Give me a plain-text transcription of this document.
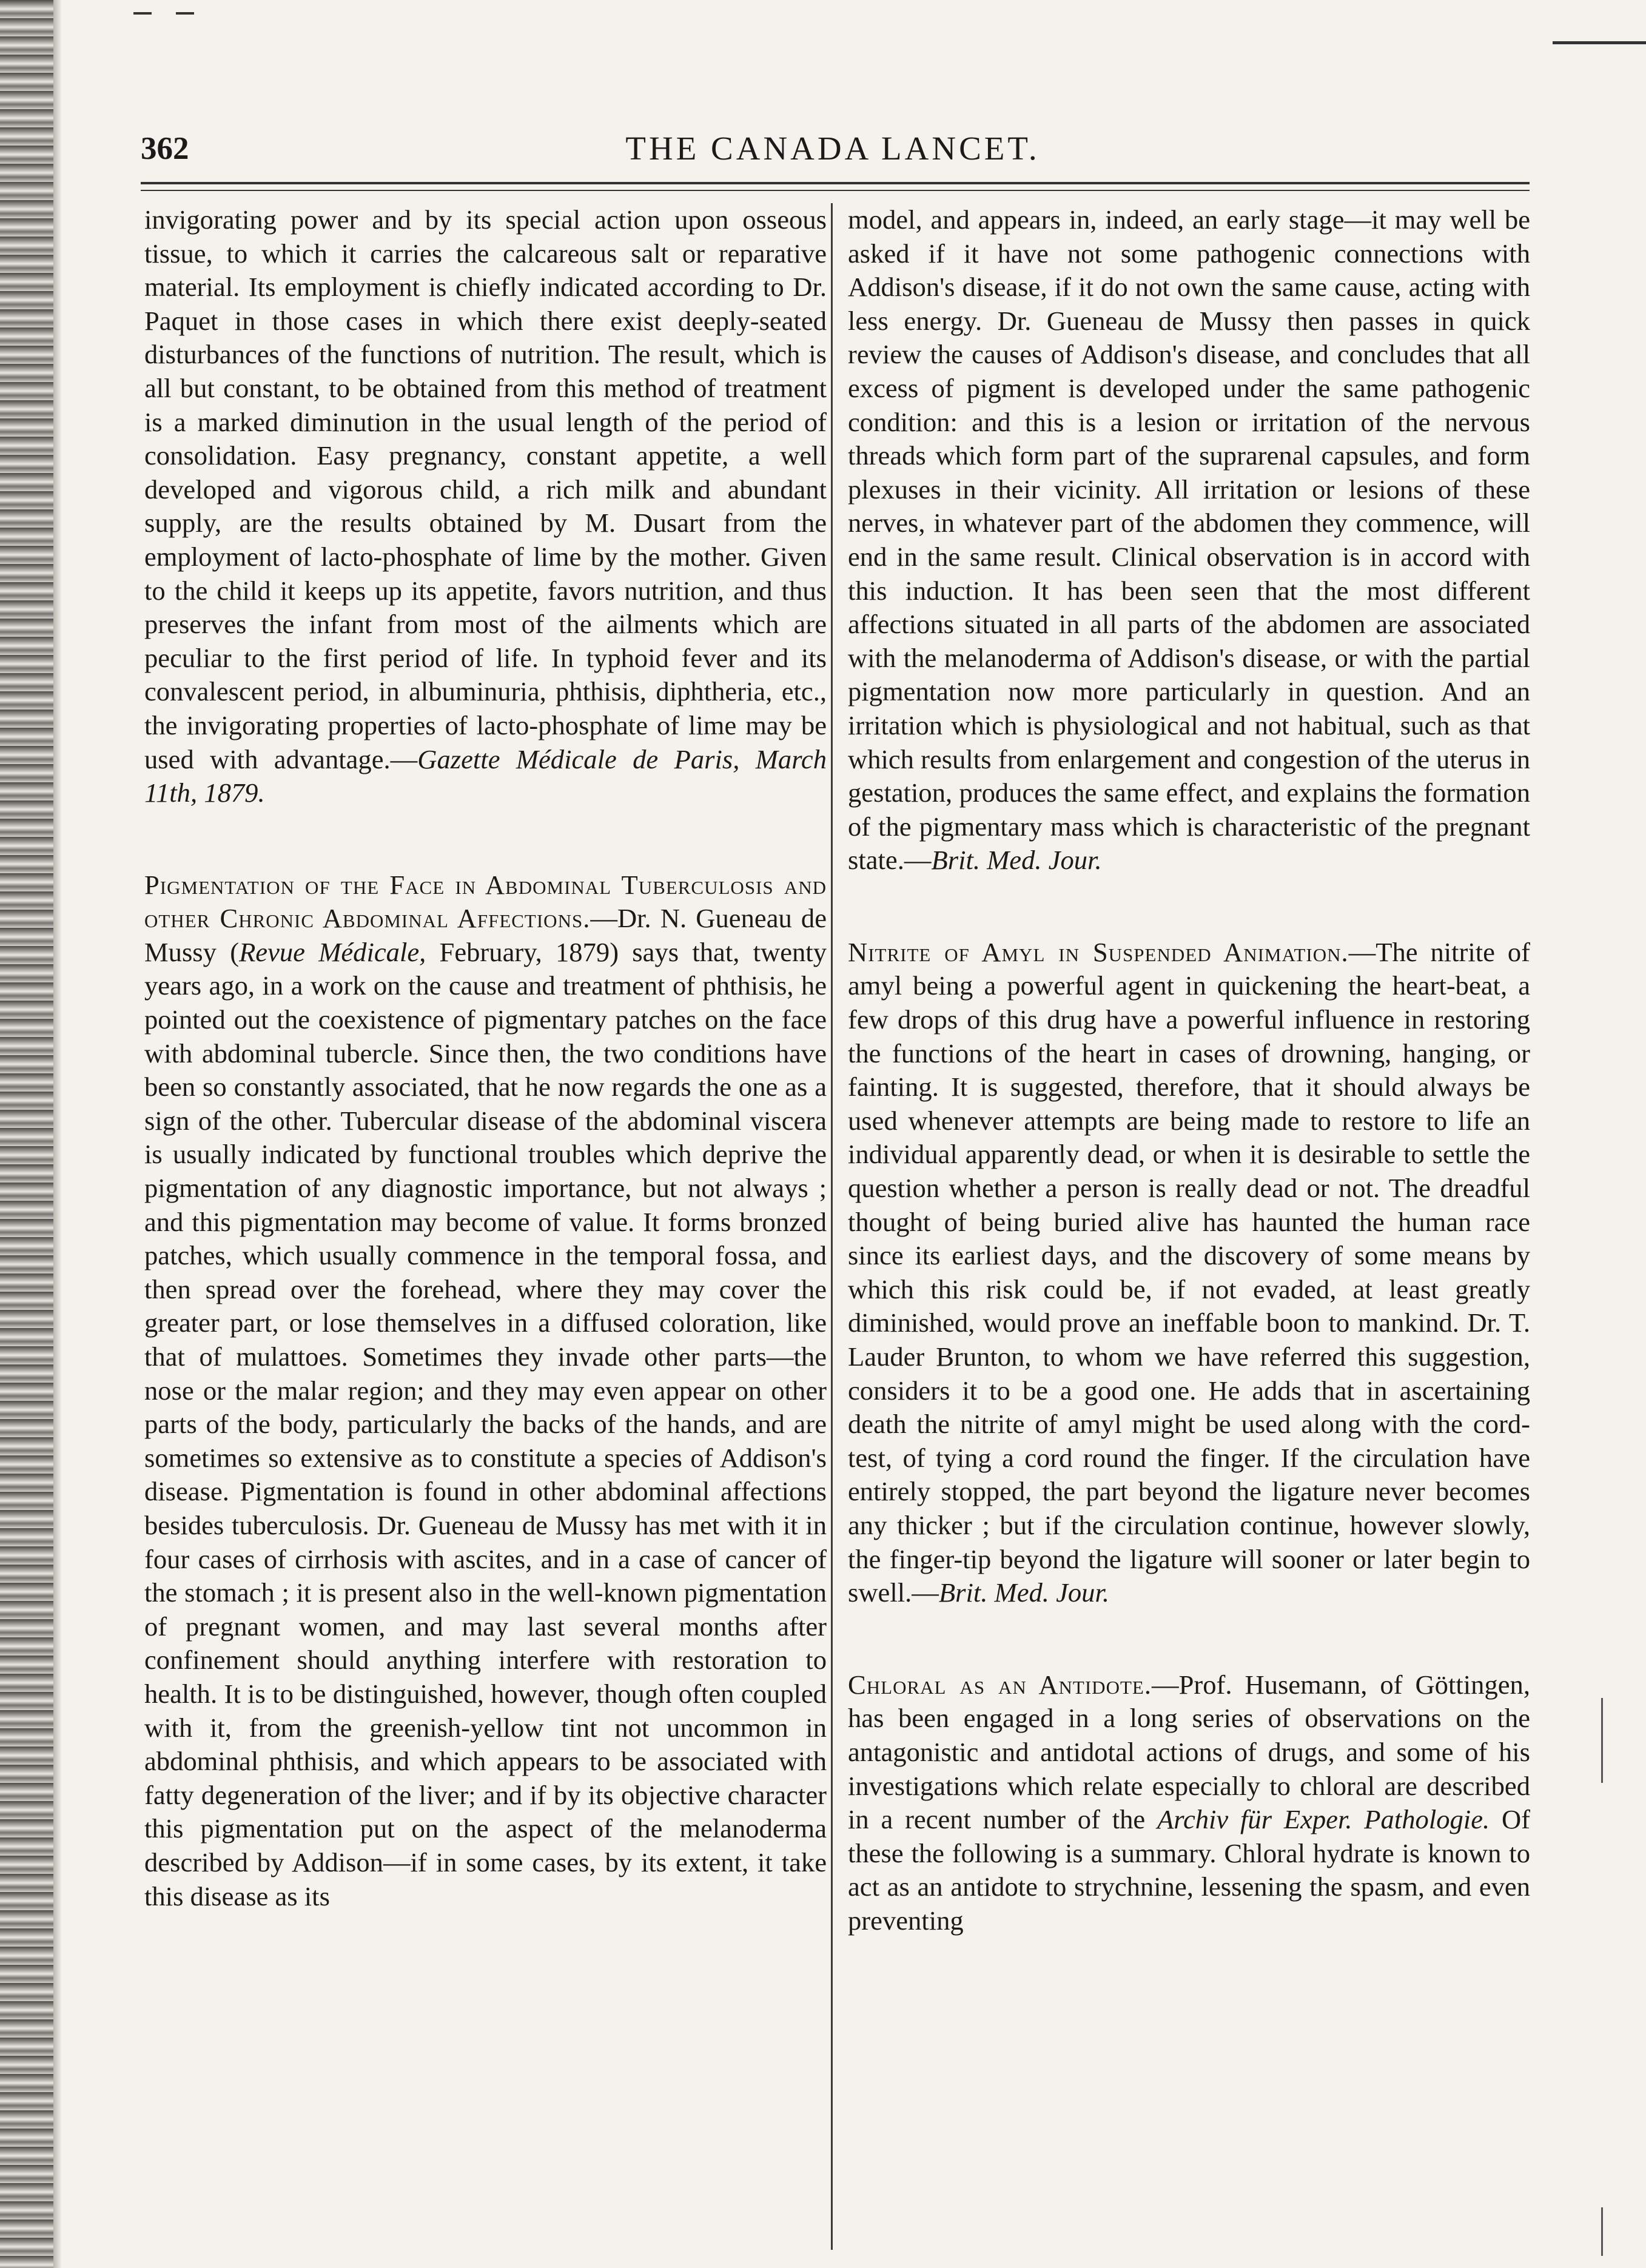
362	THE CANADA LANCET.

invigorating power and by its special action upon osseous tissue, to which it carries the calcareous salt or reparative material. Its employment is chiefly indicated according to Dr. Paquet in those cases in which there exist deeply-seated disturbances of the functions of nutrition. The result, which is all but constant, to be obtained from this method of treatment is a marked diminution in the usual length of the period of consolidation. Easy pregnancy, constant appetite, a well developed and vigorous child, a rich milk and abundant supply, are the results obtained by M. Dusart from the employment of lacto-phosphate of lime by the mother. Given to the child it keeps up its appetite, favors nutrition, and thus preserves the infant from most of the ailments which are peculiar to the first period of life. In typhoid fever and its convalescent period, in albuminuria, phthisis, diphtheria, etc., the invigorating properties of lacto-phosphate of lime may be used with advantage.—Gazette Médicale de Paris, March 11th, 1879.

Pigmentation of the Face in Abdominal Tuberculosis and other Chronic Abdominal Affections.—Dr. N. Gueneau de Mussy (Revue Médicale, February, 1879) says that, twenty years ago, in a work on the cause and treatment of phthisis, he pointed out the coexistence of pigmentary patches on the face with abdominal tubercle. Since then, the two conditions have been so constantly associated, that he now regards the one as a sign of the other. Tubercular disease of the abdominal viscera is usually indicated by functional troubles which deprive the pigmentation of any diagnostic importance, but not always ; and this pigmentation may become of value. It forms bronzed patches, which usually commence in the temporal fossa, and then spread over the forehead, where they may cover the greater part, or lose themselves in a diffused coloration, like that of mulattoes. Sometimes they invade other parts—the nose or the malar region; and they may even appear on other parts of the body, particularly the backs of the hands, and are sometimes so extensive as to constitute a species of Addison's disease. Pigmentation is found in other abdominal affections besides tuberculosis. Dr. Gueneau de Mussy has met with it in four cases of cirrhosis with ascites, and in a case of cancer of the stomach ; it is present also in the well-known pigmentation of pregnant women, and may last several months after confinement should anything interfere with restoration to health. It is to be distinguished, however, though often coupled with it, from the greenish-yellow tint not uncommon in abdominal phthisis, and which appears to be associated with fatty degeneration of the liver; and if by its objective character this pigmentation put on the aspect of the melanoderma described by Addison—if in some cases, by its extent, it take this disease as its

model, and appears in, indeed, an early stage—it may well be asked if it have not some pathogenic connections with Addison's disease, if it do not own the same cause, acting with less energy. Dr. Gueneau de Mussy then passes in quick review the causes of Addison's disease, and concludes that all excess of pigment is developed under the same pathogenic condition: and this is a lesion or irritation of the nervous threads which form part of the suprarenal capsules, and form plexuses in their vicinity. All irritation or lesions of these nerves, in whatever part of the abdomen they commence, will end in the same result. Clinical observation is in accord with this induction. It has been seen that the most different affections situated in all parts of the abdomen are associated with the melanoderma of Addison's disease, or with the partial pigmentation now more particularly in question. And an irritation which is physiological and not habitual, such as that which results from enlargement and congestion of the uterus in gestation, produces the same effect, and explains the formation of the pigmentary mass which is characteristic of the pregnant state.—Brit. Med. Jour.

Nitrite of Amyl in Suspended Animation.—The nitrite of amyl being a powerful agent in quickening the heart-beat, a few drops of this drug have a powerful influence in restoring the functions of the heart in cases of drowning, hanging, or fainting. It is suggested, therefore, that it should always be used whenever attempts are being made to restore to life an individual apparently dead, or when it is desirable to settle the question whether a person is really dead or not. The dreadful thought of being buried alive has haunted the human race since its earliest days, and the discovery of some means by which this risk could be, if not evaded, at least greatly diminished, would prove an ineffable boon to mankind. Dr. T. Lauder Brunton, to whom we have referred this suggestion, considers it to be a good one. He adds that in ascertaining death the nitrite of amyl might be used along with the cord-test, of tying a cord round the finger. If the circulation have entirely stopped, the part beyond the ligature never becomes any thicker ; but if the circulation continue, however slowly, the finger-tip beyond the ligature will sooner or later begin to swell.—Brit. Med. Jour.

Chloral as an Antidote.—Prof. Husemann, of Göttingen, has been engaged in a long series of observations on the antagonistic and antidotal actions of drugs, and some of his investigations which relate especially to chloral are described in a recent number of the Archiv für Exper. Pathologie. Of these the following is a summary. Chloral hydrate is known to act as an antidote to strychnine, lessening the spasm, and even preventing
